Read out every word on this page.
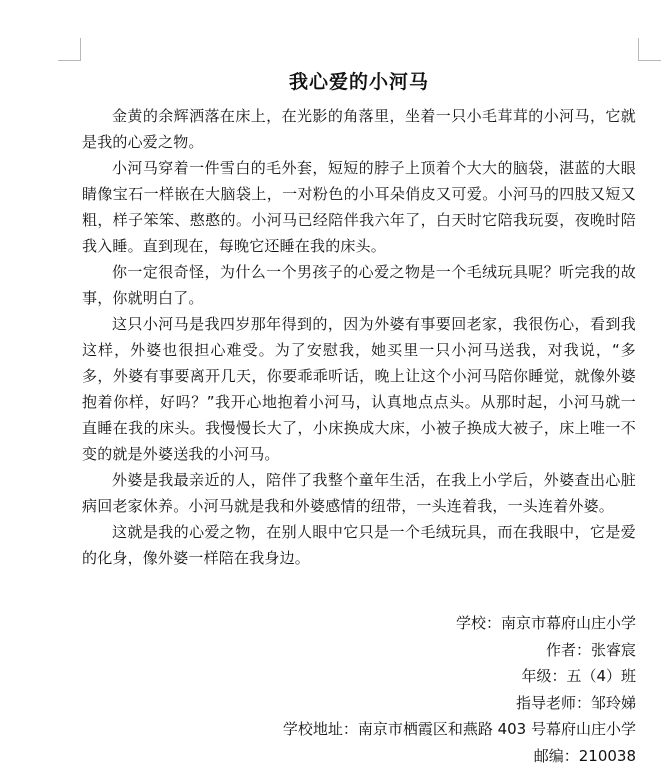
我心爱的小河马

金黄的余辉洒落在床上，在光影的角落里，坐着一只小毛茸茸的小河马，它就是我的心爱之物。

小河马穿着一件雪白的毛外套，短短的脖子上顶着个大大的脑袋，湛蓝的大眼睛像宝石一样嵌在大脑袋上，一对粉色的小耳朵俏皮又可爱。小河马的四肢又短又粗，样子笨笨、憨憨的。小河马已经陪伴我六年了，白天时它陪我玩耍，夜晚时陪我入睡。直到现在，每晚它还睡在我的床头。

你一定很奇怪，为什么一个男孩子的心爱之物是一个毛绒玩具呢？听完我的故事，你就明白了。

这只小河马是我四岁那年得到的，因为外婆有事要回老家，我很伤心，看到我这样，外婆也很担心难受。为了安慰我，她买里一只小河马送我，对我说，“多多，外婆有事要离开几天，你要乖乖听话，晚上让这个小河马陪你睡觉，就像外婆抱着你样，好吗？”我开心地抱着小河马，认真地点点头。从那时起，小河马就一直睡在我的床头。我慢慢长大了，小床换成大床，小被子换成大被子，床上唯一不变的就是外婆送我的小河马。

外婆是我最亲近的人，陪伴了我整个童年生活，在我上小学后，外婆查出心脏病回老家休养。小河马就是我和外婆感情的纽带，一头连着我，一头连着外婆。

这就是我的心爱之物，在别人眼中它只是一个毛绒玩具，而在我眼中，它是爱的化身，像外婆一样陪在我身边。

学校：南京市幕府山庄小学
作者：张睿宸
年级：五（4）班
指导老师：邹玲娣
学校地址：南京市栖霞区和燕路 403 号幕府山庄小学
邮编：210038
